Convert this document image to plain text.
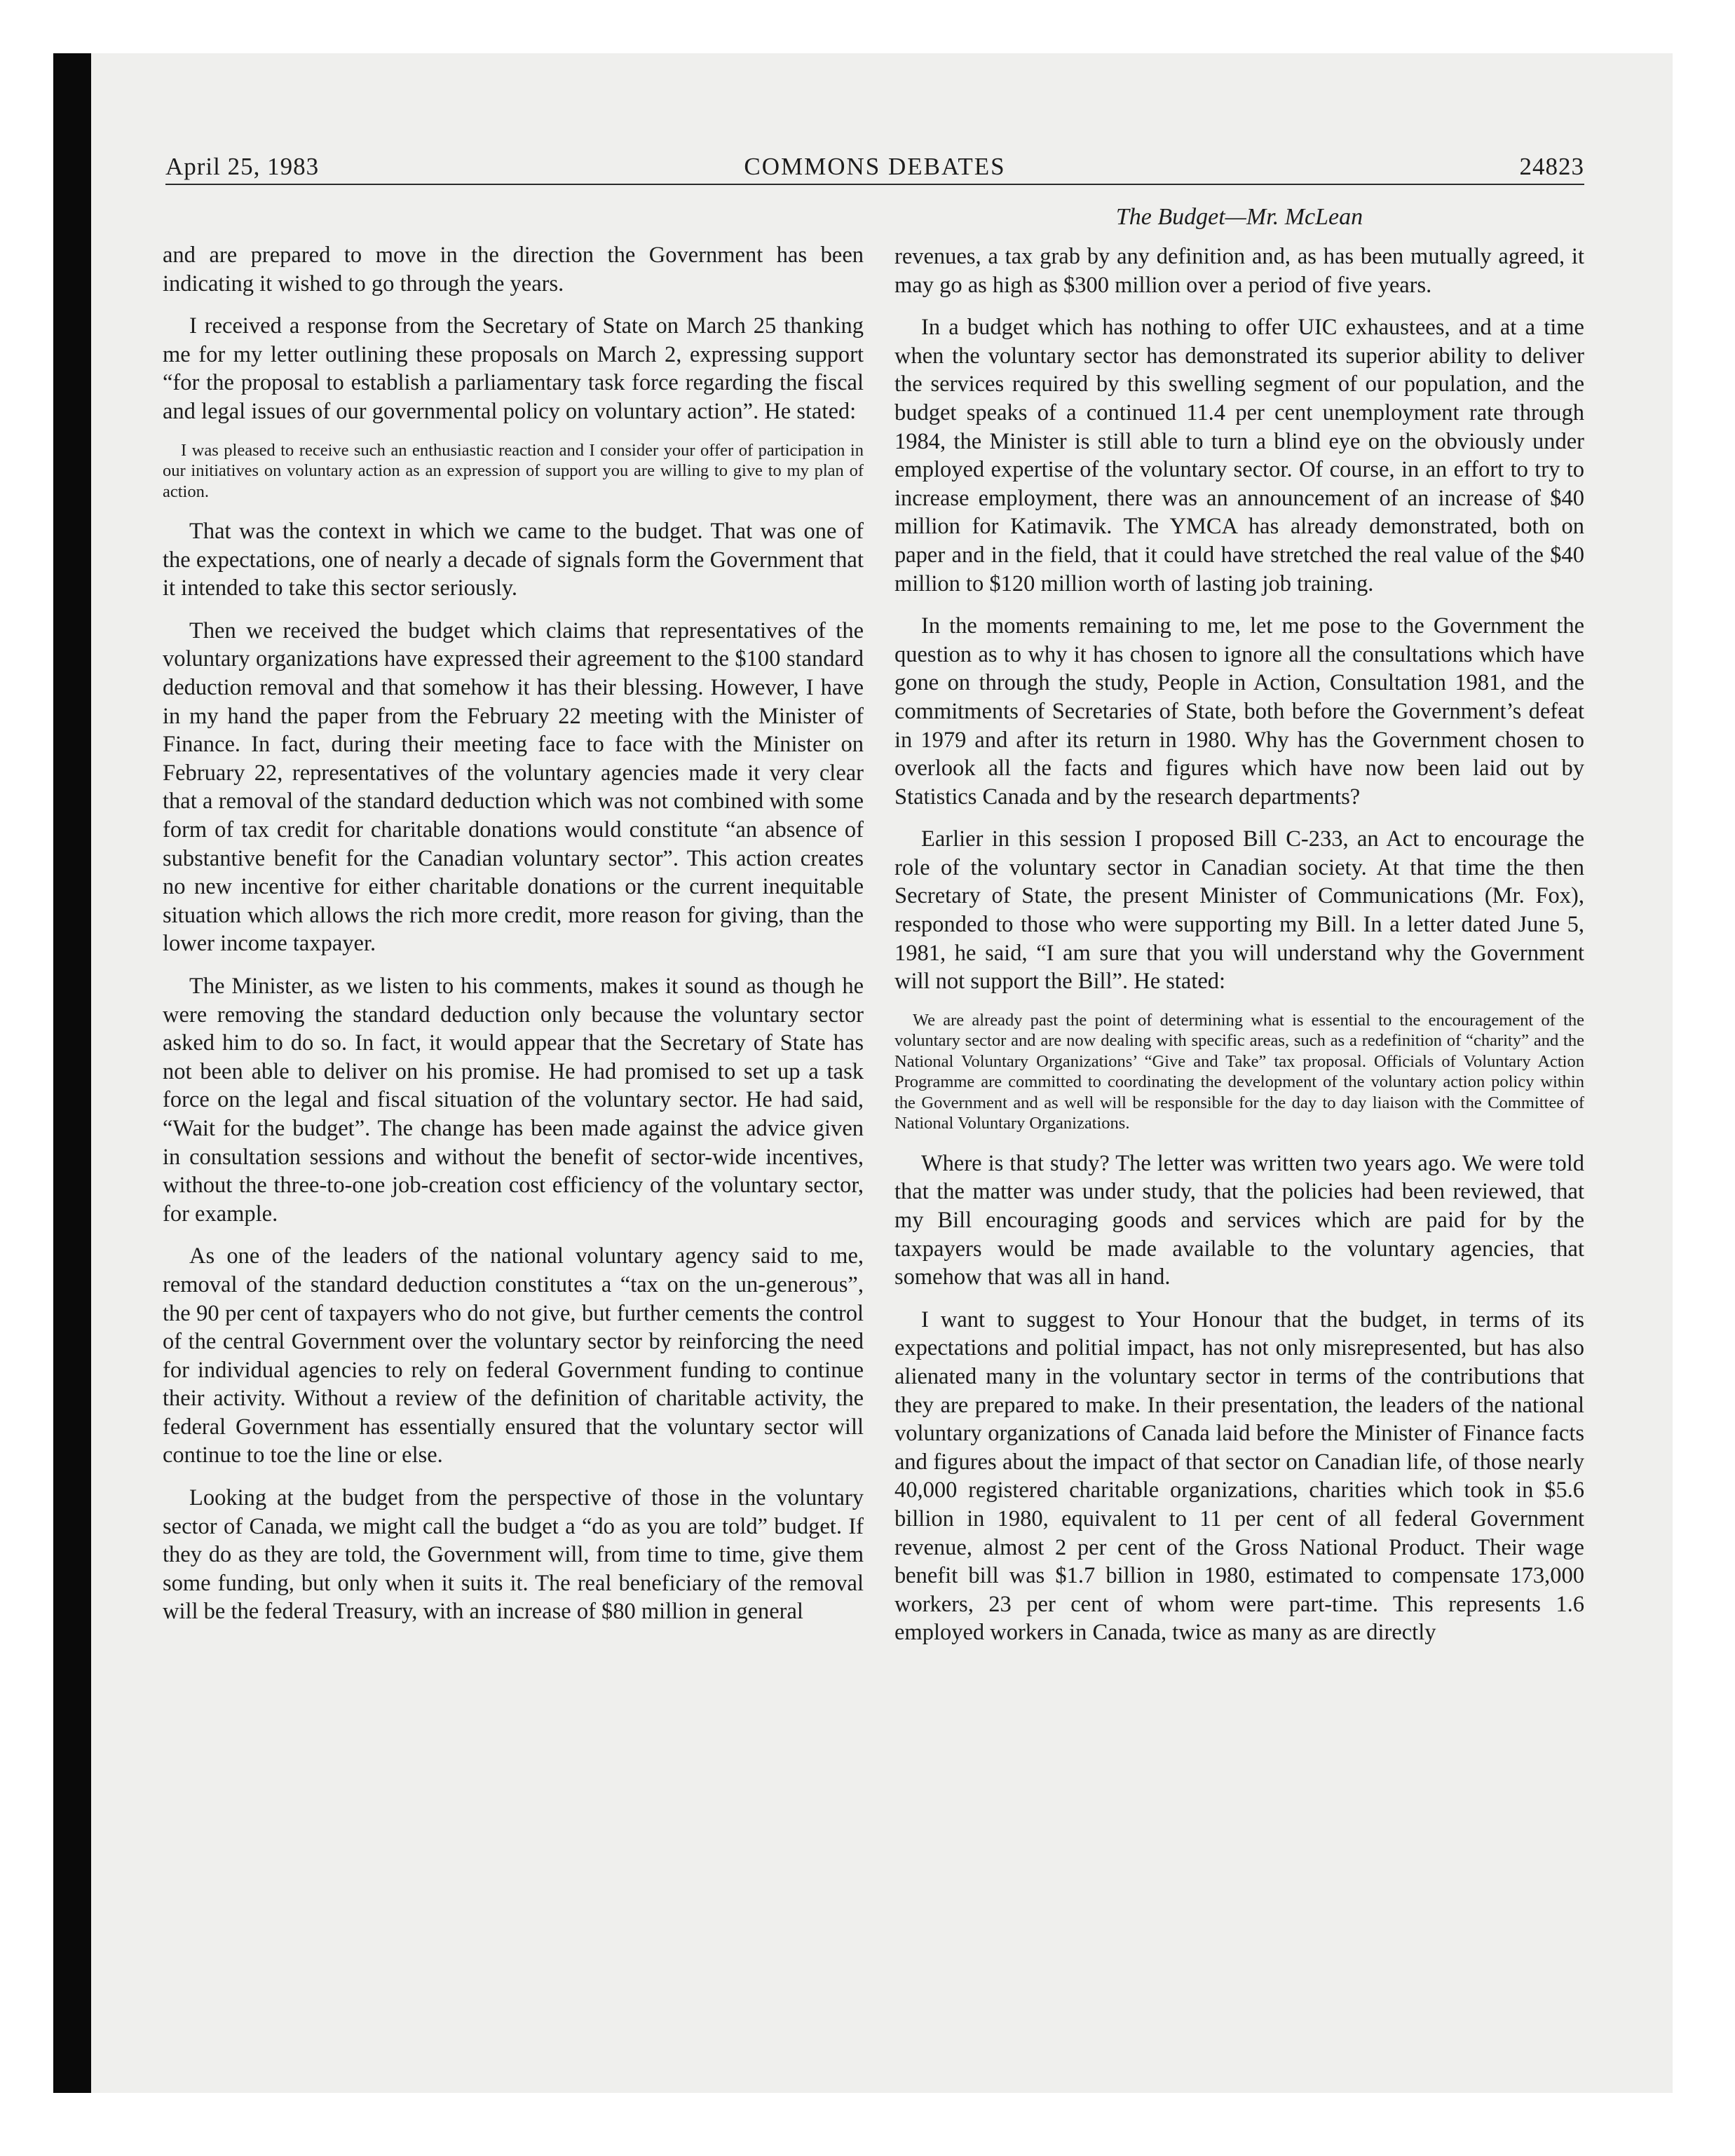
April 25, 1983	COMMONS DEBATES	24823
The Budget—Mr. McLean

and are prepared to move in the direction the Government has been indicating it wished to go through the years.

I received a response from the Secretary of State on March 25 thanking me for my letter outlining these proposals on March 2, expressing support “for the proposal to establish a parliamentary task force regarding the fiscal and legal issues of our governmental policy on voluntary action”. He stated:

I was pleased to receive such an enthusiastic reaction and I consider your offer of participation in our initiatives on voluntary action as an expression of support you are willing to give to my plan of action.

That was the context in which we came to the budget. That was one of the expectations, one of nearly a decade of signals form the Government that it intended to take this sector seriously.

Then we received the budget which claims that representatives of the voluntary organizations have expressed their agreement to the $100 standard deduction removal and that somehow it has their blessing. However, I have in my hand the paper from the February 22 meeting with the Minister of Finance. In fact, during their meeting face to face with the Minister on February 22, representatives of the voluntary agencies made it very clear that a removal of the standard deduction which was not combined with some form of tax credit for charitable donations would constitute “an absence of substantive benefit for the Canadian voluntary sector”. This action creates no new incentive for either charitable donations or the current inequitable situation which allows the rich more credit, more reason for giving, than the lower income taxpayer.

The Minister, as we listen to his comments, makes it sound as though he were removing the standard deduction only because the voluntary sector asked him to do so. In fact, it would appear that the Secretary of State has not been able to deliver on his promise. He had promised to set up a task force on the legal and fiscal situation of the voluntary sector. He had said, “Wait for the budget”. The change has been made against the advice given in consultation sessions and without the benefit of sector-wide incentives, without the three-to-one job-creation cost efficiency of the voluntary sector, for example.

As one of the leaders of the national voluntary agency said to me, removal of the standard deduction constitutes a “tax on the un-generous”, the 90 per cent of taxpayers who do not give, but further cements the control of the central Government over the voluntary sector by reinforcing the need for individual agencies to rely on federal Government funding to continue their activity. Without a review of the definition of charitable activity, the federal Government has essentially ensured that the voluntary sector will continue to toe the line or else.

Looking at the budget from the perspective of those in the voluntary sector of Canada, we might call the budget a “do as you are told” budget. If they do as they are told, the Government will, from time to time, give them some funding, but only when it suits it. The real beneficiary of the removal will be the federal Treasury, with an increase of $80 million in general

revenues, a tax grab by any definition and, as has been mutually agreed, it may go as high as $300 million over a period of five years.

In a budget which has nothing to offer UIC exhaustees, and at a time when the voluntary sector has demonstrated its superior ability to deliver the services required by this swelling segment of our population, and the budget speaks of a continued 11.4 per cent unemployment rate through 1984, the Minister is still able to turn a blind eye on the obviously under employed expertise of the voluntary sector. Of course, in an effort to try to increase employment, there was an announcement of an increase of $40 million for Katimavik. The YMCA has already demonstrated, both on paper and in the field, that it could have stretched the real value of the $40 million to $120 million worth of lasting job training.

In the moments remaining to me, let me pose to the Government the question as to why it has chosen to ignore all the consultations which have gone on through the study, People in Action, Consultation 1981, and the commitments of Secretaries of State, both before the Government’s defeat in 1979 and after its return in 1980. Why has the Government chosen to overlook all the facts and figures which have now been laid out by Statistics Canada and by the research departments?

Earlier in this session I proposed Bill C-233, an Act to encourage the role of the voluntary sector in Canadian society. At that time the then Secretary of State, the present Minister of Communications (Mr. Fox), responded to those who were supporting my Bill. In a letter dated June 5, 1981, he said, “I am sure that you will understand why the Government will not support the Bill”. He stated:

We are already past the point of determining what is essential to the encouragement of the voluntary sector and are now dealing with specific areas, such as a redefinition of “charity” and the National Voluntary Organizations’ “Give and Take” tax proposal. Officials of Voluntary Action Programme are committed to coordinating the development of the voluntary action policy within the Government and as well will be responsible for the day to day liaison with the Committee of National Voluntary Organizations.

Where is that study? The letter was written two years ago. We were told that the matter was under study, that the policies had been reviewed, that my Bill encouraging goods and services which are paid for by the taxpayers would be made available to the voluntary agencies, that somehow that was all in hand.

I want to suggest to Your Honour that the budget, in terms of its expectations and politial impact, has not only misrepresented, but has also alienated many in the voluntary sector in terms of the contributions that they are prepared to make. In their presentation, the leaders of the national voluntary organizations of Canada laid before the Minister of Finance facts and figures about the impact of that sector on Canadian life, of those nearly 40,000 registered charitable organizations, charities which took in $5.6 billion in 1980, equivalent to 11 per cent of all federal Government revenue, almost 2 per cent of the Gross National Product. Their wage benefit bill was $1.7 billion in 1980, estimated to compensate 173,000 workers, 23 per cent of whom were part-time. This represents 1.6 employed workers in Canada, twice as many as are directly
